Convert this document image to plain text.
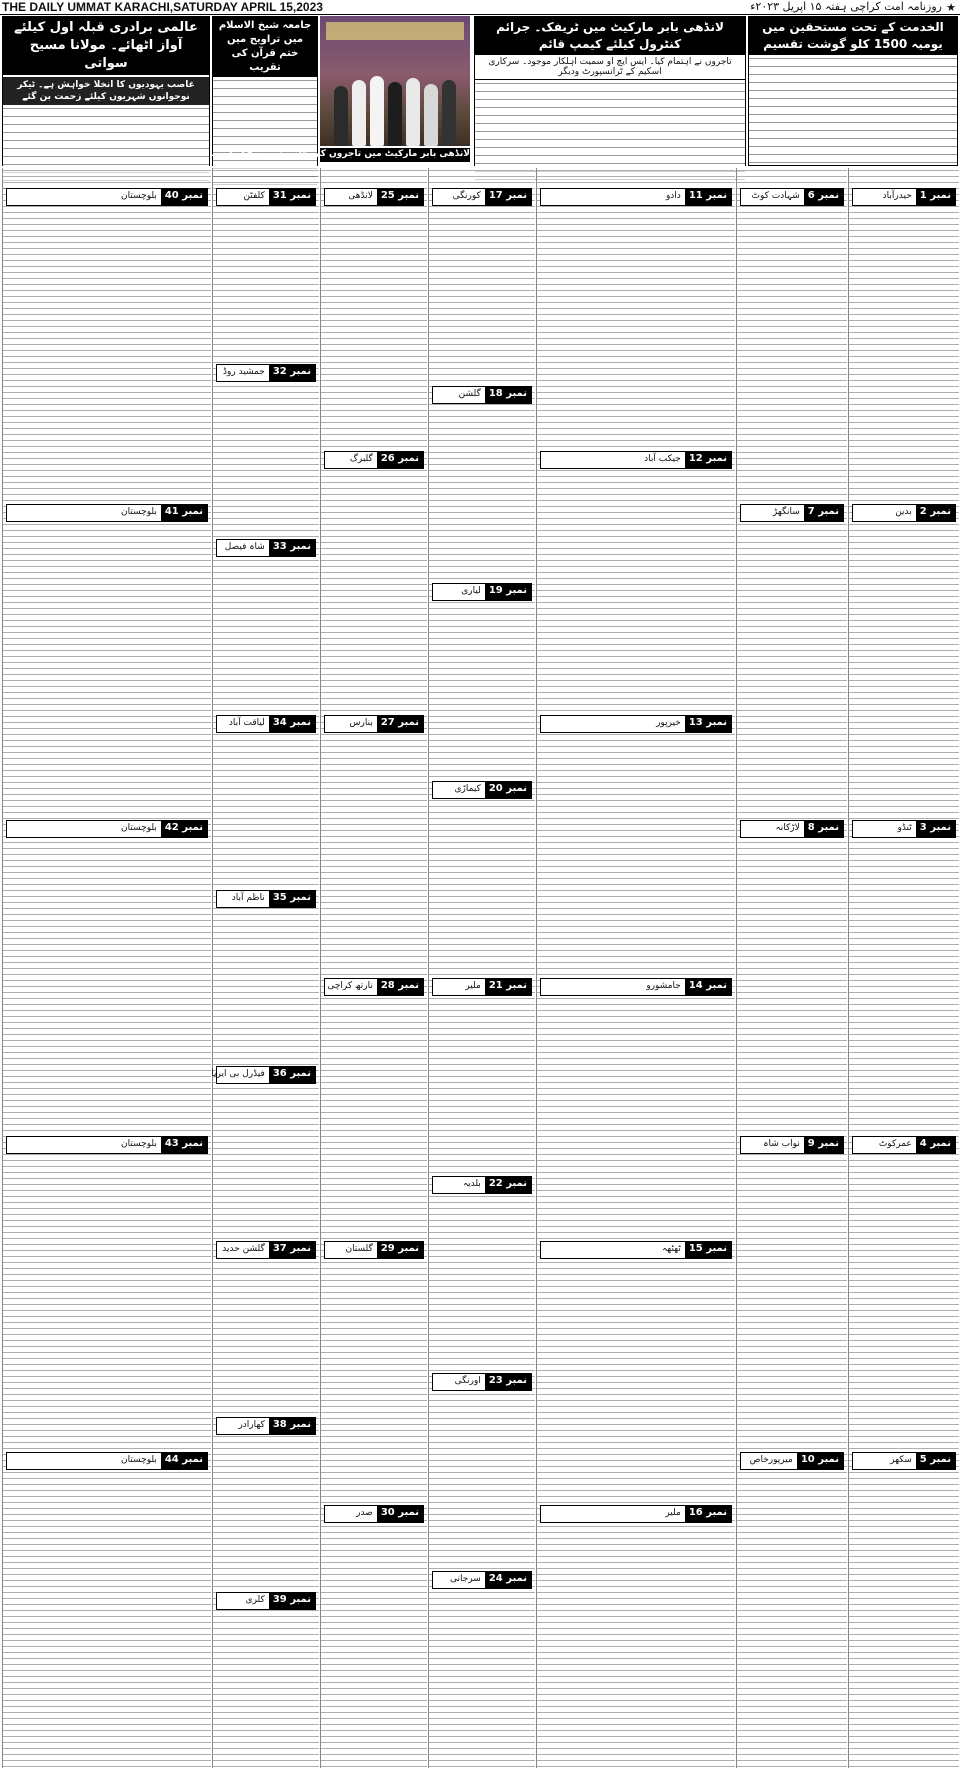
THE DAILY UMMAT KARACHI,SATURDAY APRIL 15,2023	★
روزنامہ امت کراچی ہفتہ ۱۵ اپریل ۲۰۲۳ء
عالمی برادری قبلہ اول کیلئے آواز اٹھائے۔ مولانا مسیح سواتی
غاصب یہودیوں کا انخلا خواہش ہے۔ ٹیکر نوجوانوں شہریوں کیلئے زحمت بن گئے
جامعہ شیخ الاسلام میں تراویح میں ختم قرآن کی تقریب
لانڈھی بابر مارکیٹ میں تاجروں کی جانب سے ٹریفک کیمپ
لانڈھی بابر مارکیٹ میں ٹریفک۔ جرائم کنٹرول کیلئے کیمپ قائم
تاجروں نے اہتمام کیا۔ ایس ایچ او سمیت اہلکار موجود۔ سرکاری اسکیم کے ٹرانسپورٹ ودیگر
الخدمت کے تحت مستحقین میں یومیہ 1500 کلو گوشت تقسیم
نمبر 1
حیدرآباد
نمبر 2
بدین
نمبر 3
ٹنڈو
نمبر 4
عمرکوٹ
نمبر 5
سکھر
نمبر 6
شہادت کوٹ
نمبر 7
سانگھڑ
نمبر 8
لاڑکانہ
نمبر 9
نواب شاہ
نمبر 10
میرپورخاص
نمبر 11
دادو
نمبر 12
جیکب آباد
نمبر 13
خیرپور
نمبر 14
جامشورو
نمبر 15
ٹھٹھہ
نمبر 16
ملیر
نمبر 17
کورنگی
نمبر 18
گلشن
نمبر 19
لیاری
نمبر 20
کیماڑی
نمبر 21
ملیر
نمبر 22
بلدیہ
نمبر 23
اورنگی
نمبر 24
سرجانی
نمبر 25
لانڈھی
نمبر 26
گلبرگ
نمبر 27
بنارس
نمبر 28
نارتھ کراچی
نمبر 29
گلستان
نمبر 30
صدر
نمبر 31
کلفٹن
نمبر 32
جمشید روڈ
نمبر 33
شاہ فیصل
نمبر 34
لیاقت آباد
نمبر 35
ناظم آباد
نمبر 36
فیڈرل بی ایریا
نمبر 37
گلشن حدید
نمبر 38
کھارادر
نمبر 39
کلری
نمبر 40
بلوچستان
نمبر 41
بلوچستان
نمبر 42
بلوچستان
نمبر 43
بلوچستان
نمبر 44
بلوچستان
